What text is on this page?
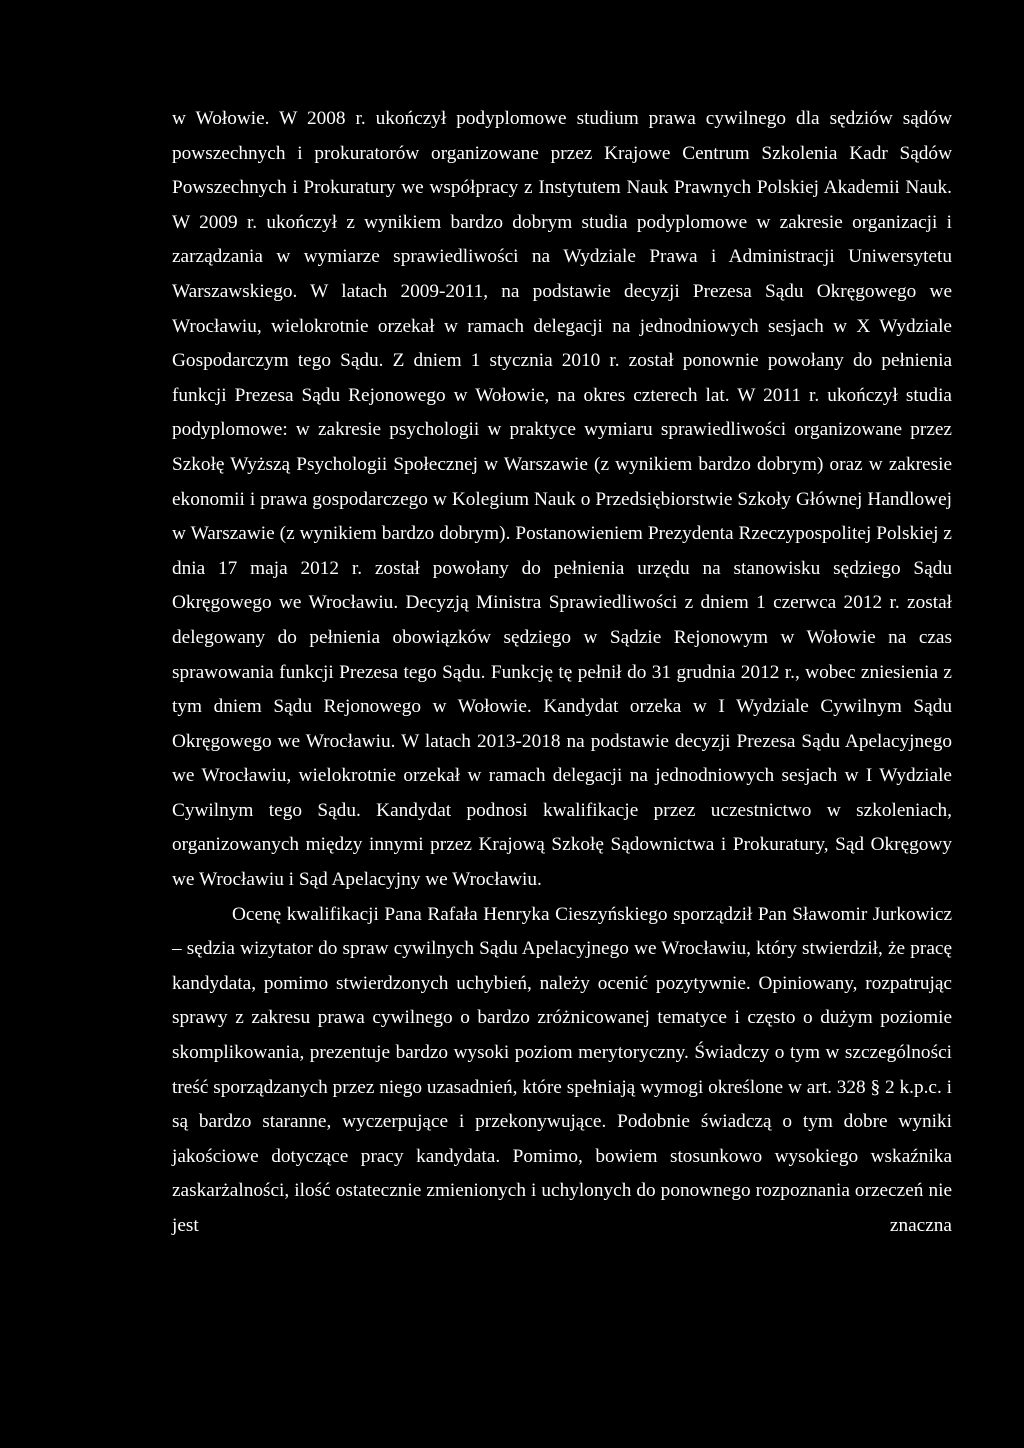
w Wołowie. W 2008 r. ukończył podyplomowe studium prawa cywilnego dla sędziów sądów powszechnych i prokuratorów organizowane przez Krajowe Centrum Szkolenia Kadr Sądów Powszechnych i Prokuratury we współpracy z Instytutem Nauk Prawnych Polskiej Akademii Nauk. W 2009 r. ukończył z wynikiem bardzo dobrym studia podyplomowe w zakresie organizacji i zarządzania w wymiarze sprawiedliwości na Wydziale Prawa i Administracji Uniwersytetu Warszawskiego. W latach 2009-2011, na podstawie decyzji Prezesa Sądu Okręgowego we Wrocławiu, wielokrotnie orzekał w ramach delegacji na jednodniowych sesjach w X Wydziale Gospodarczym tego Sądu. Z dniem 1 stycznia 2010 r. został ponownie powołany do pełnienia funkcji Prezesa Sądu Rejonowego w Wołowie, na okres czterech lat. W 2011 r. ukończył studia podyplomowe: w zakresie psychologii w praktyce wymiaru sprawiedliwości organizowane przez Szkołę Wyższą Psychologii Społecznej w Warszawie (z wynikiem bardzo dobrym) oraz w zakresie ekonomii i prawa gospodarczego w Kolegium Nauk o Przedsiębiorstwie Szkoły Głównej Handlowej w Warszawie (z wynikiem bardzo dobrym). Postanowieniem Prezydenta Rzeczypospolitej Polskiej z dnia 17 maja 2012 r. został powołany do pełnienia urzędu na stanowisku sędziego Sądu Okręgowego we Wrocławiu. Decyzją Ministra Sprawiedliwości z dniem 1 czerwca 2012 r. został delegowany do pełnienia obowiązków sędziego w Sądzie Rejonowym w Wołowie na czas sprawowania funkcji Prezesa tego Sądu. Funkcję tę pełnił do 31 grudnia 2012 r., wobec zniesienia z tym dniem Sądu Rejonowego w Wołowie. Kandydat orzeka w I Wydziale Cywilnym Sądu Okręgowego we Wrocławiu. W latach 2013-2018 na podstawie decyzji Prezesa Sądu Apelacyjnego we Wrocławiu, wielokrotnie orzekał w ramach delegacji na jednodniowych sesjach w I Wydziale Cywilnym tego Sądu. Kandydat podnosi kwalifikacje przez uczestnictwo w szkoleniach, organizowanych między innymi przez Krajową Szkołę Sądownictwa i Prokuratury, Sąd Okręgowy we Wrocławiu i Sąd Apelacyjny we Wrocławiu.

Ocenę kwalifikacji Pana Rafała Henryka Cieszyńskiego sporządził Pan Sławomir Jurkowicz – sędzia wizytator do spraw cywilnych Sądu Apelacyjnego we Wrocławiu, który stwierdził, że pracę kandydata, pomimo stwierdzonych uchybień, należy ocenić pozytywnie. Opiniowany, rozpatrując sprawy z zakresu prawa cywilnego o bardzo zróżnicowanej tematyce i często o dużym poziomie skomplikowania, prezentuje bardzo wysoki poziom merytoryczny. Świadczy o tym w szczególności treść sporządzanych przez niego uzasadnień, które spełniają wymogi określone w art. 328 § 2 k.p.c. i są bardzo staranne, wyczerpujące i przekonywujące. Podobnie świadczą o tym dobre wyniki jakościowe dotyczące pracy kandydata. Pomimo, bowiem stosunkowo wysokiego wskaźnika zaskarżalności, ilość ostatecznie zmienionych i uchylonych do ponownego rozpoznania orzeczeń nie jest znaczna
